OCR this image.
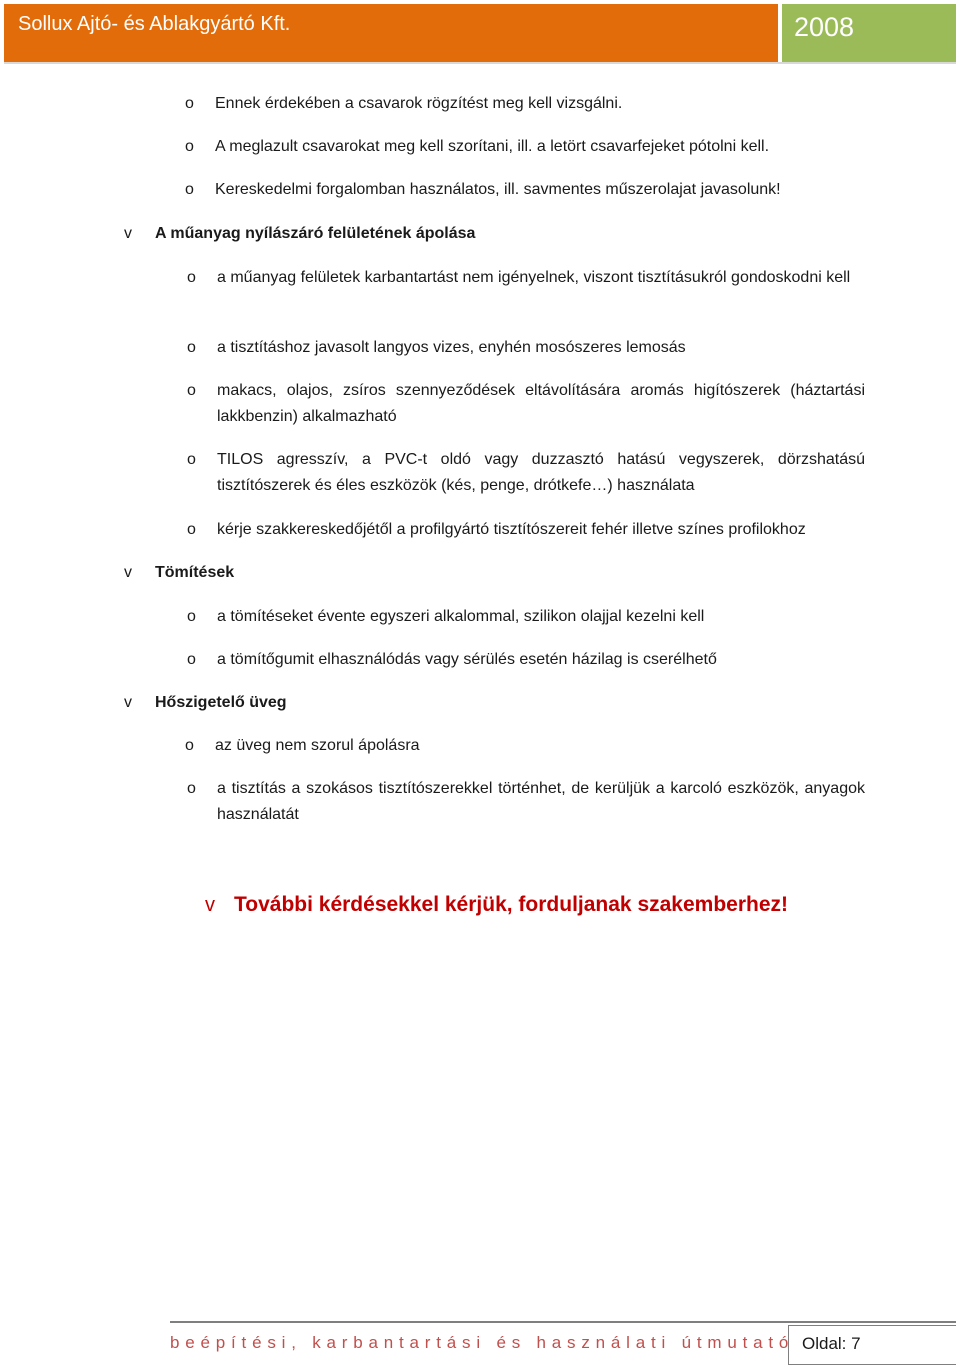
Sollux Ajtó- és Ablakgyártó Kft.	2008
o Ennek érdekében a csavarok rögzítést meg kell vizsgálni.
o A meglazult csavarokat meg kell szorítani, ill. a letört csavarfejeket pótolni kell.
o Kereskedelmi forgalomban használatos, ill. savmentes műszerolajat javasolunk!
v A műanyag nyílászáró felületének ápolása
o a műanyag felületek karbantartást nem igényelnek, viszont tisztításukról gondoskodni kell
o a tisztításhoz javasolt langyos vizes, enyhén mosószeres lemosás
o makacs, olajos, zsíros szennyeződések eltávolítására aromás higítószerek (háztartási lakkbenzin) alkalmazható
o TILOS agresszív, a PVC-t oldó vagy duzzasztó hatású vegyszerek, dörzshatású tisztítószerek és éles eszközök (kés, penge, drótkefe…) használata
o kérje szakkereskedőjétől a profilgyártó tisztítószereit fehér illetve színes profilokhoz
v Tömítések
o a tömítéseket évente egyszeri alkalommal, szilikon olajjal kezelni kell
o a tömítőgumit elhasználódás vagy sérülés esetén házilag is cserélhető
v Hőszigetelő üveg
o az üveg nem szorul ápolásra
o a tisztítás a szokásos tisztítószerekkel történhet, de kerüljük a karcoló eszközök, anyagok használatát
v További kérdésekkel kérjük, forduljanak szakemberhez!
beépítési, karbantartási és használati útmutató Oldal: 7
